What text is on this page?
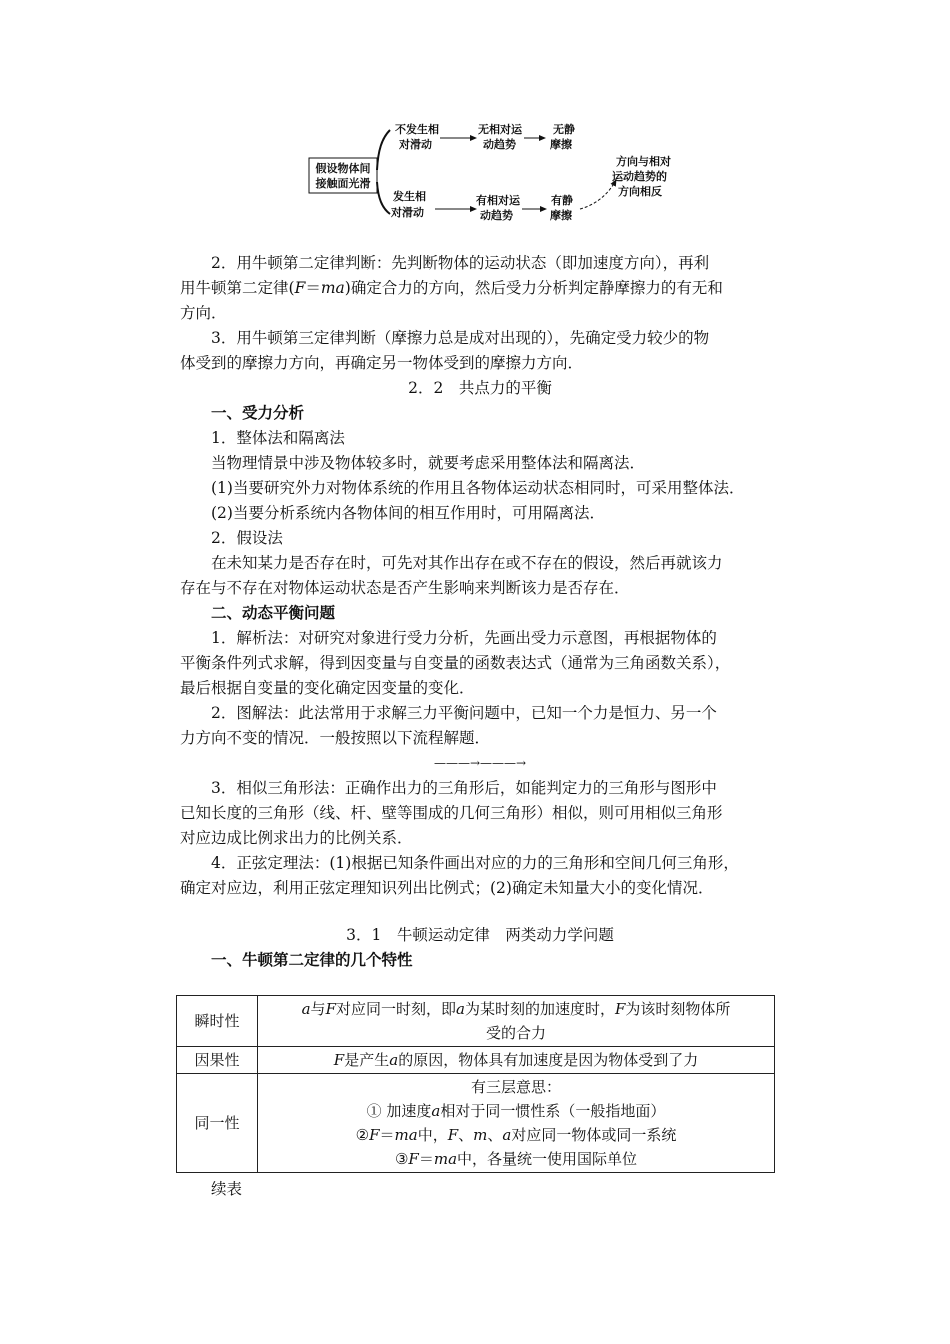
假设物体间
接触面光滑
不发生相
对滑动
无相对运
动趋势
无静
摩擦
发生相
对滑动
有相对运
动趋势
有静
摩擦
方向与相对
运动趋势的
方向相反
2．用牛顿第二定律判断：先判断物体的运动状态（即加速度方向），再利
用牛顿第二定律(F＝ma)确定合力的方向，然后受力分析判定静摩擦力的有无和
方向．
3．用牛顿第三定律判断（摩擦力总是成对出现的），先确定受力较少的物
体受到的摩擦力方向，再确定另一物体受到的摩擦力方向．
2．2　共点力的平衡
一、受力分析
1．整体法和隔离法
当物理情景中涉及物体较多时，就要考虑采用整体法和隔离法．
(1)当要研究外力对物体系统的作用且各物体运动状态相同时，可采用整体法．
(2)当要分析系统内各物体间的相互作用时，可用隔离法．
2．假设法
在未知某力是否存在时，可先对其作出存在或不存在的假设，然后再就该力
存在与不存在对物体运动状态是否产生影响来判断该力是否存在．
二、动态平衡问题
1．解析法：对研究对象进行受力分析，先画出受力示意图，再根据物体的
平衡条件列式求解，得到因变量与自变量的函数表达式（通常为三角函数关系），
最后根据自变量的变化确定因变量的变化．
2．图解法：此法常用于求解三力平衡问题中，已知一个力是恒力、另一个
力方向不变的情况．一般按照以下流程解题．
———→———→
3．相似三角形法：正确作出力的三角形后，如能判定力的三角形与图形中
已知长度的三角形（线、杆、壁等围成的几何三角形）相似，则可用相似三角形
对应边成比例求出力的比例关系．
4．正弦定理法：(1)根据已知条件画出对应的力的三角形和空间几何三角形，
确定对应边，利用正弦定理知识列出比例式；(2)确定未知量大小的变化情况．
3．1　牛顿运动定律　两类动力学问题
一、牛顿第二定律的几个特性
瞬时性	a与F对应同一时刻，即a为某时刻的加速度时，F为该时刻物体所
受的合力

因果性	F是产生a的原因，物体具有加速度是因为物体受到了力
同一性	有三层意思：
① 加速度a相对于同一惯性系（一般指地面）
②F＝ma中，F、m、a对应同一物体或同一系统
③F＝ma中，各量统一使用国际单位
续表
